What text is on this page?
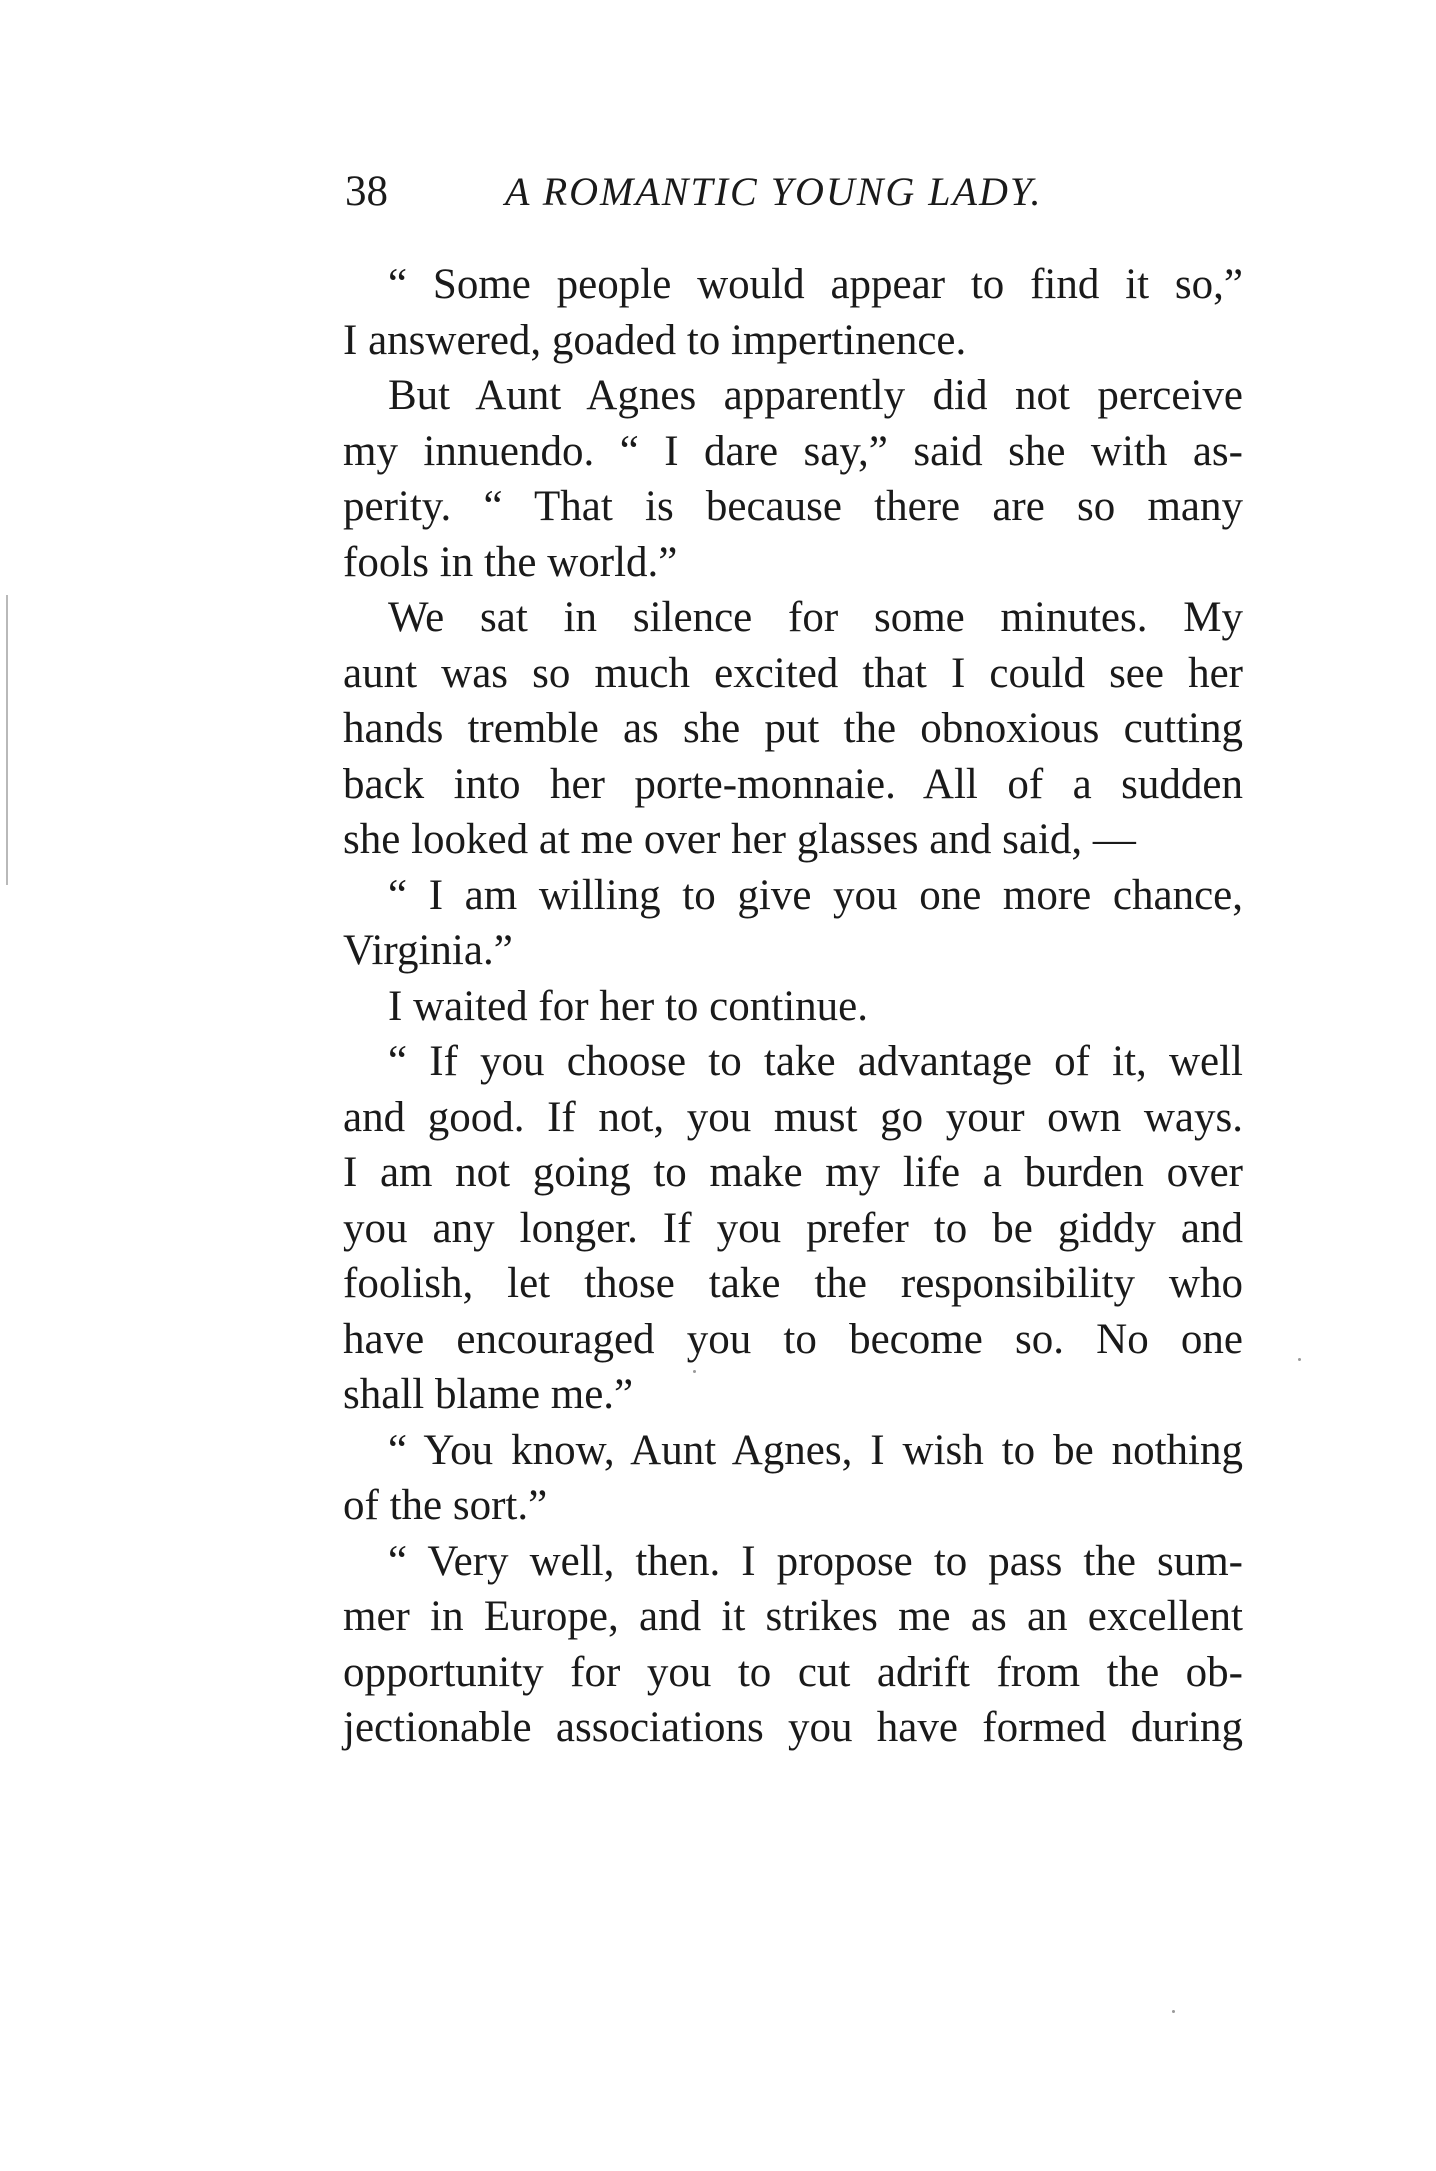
38	A ROMANTIC YOUNG LADY.
“ Some people would appear to find it so,”
I answered, goaded to impertinence.
But Aunt Agnes apparently did not perceive
my innuendo. “ I dare say,” said she with as-
perity. “ That is because there are so many
fools in the world.”
We sat in silence for some minutes. My
aunt was so much excited that I could see her
hands tremble as she put the obnoxious cutting
back into her porte-monnaie. All of a sudden
she looked at me over her glasses and said, —
“ I am willing to give you one more chance,
Virginia.”
I waited for her to continue.
“ If you choose to take advantage of it, well
and good. If not, you must go your own ways.
I am not going to make my life a burden over
you any longer. If you prefer to be giddy and
foolish, let those take the responsibility who
have encouraged you to become so. No one
shall blame me.”
“ You know, Aunt Agnes, I wish to be nothing
of the sort.”
“ Very well, then. I propose to pass the sum-
mer in Europe, and it strikes me as an excellent
opportunity for you to cut adrift from the ob-
jectionable associations you have formed during
